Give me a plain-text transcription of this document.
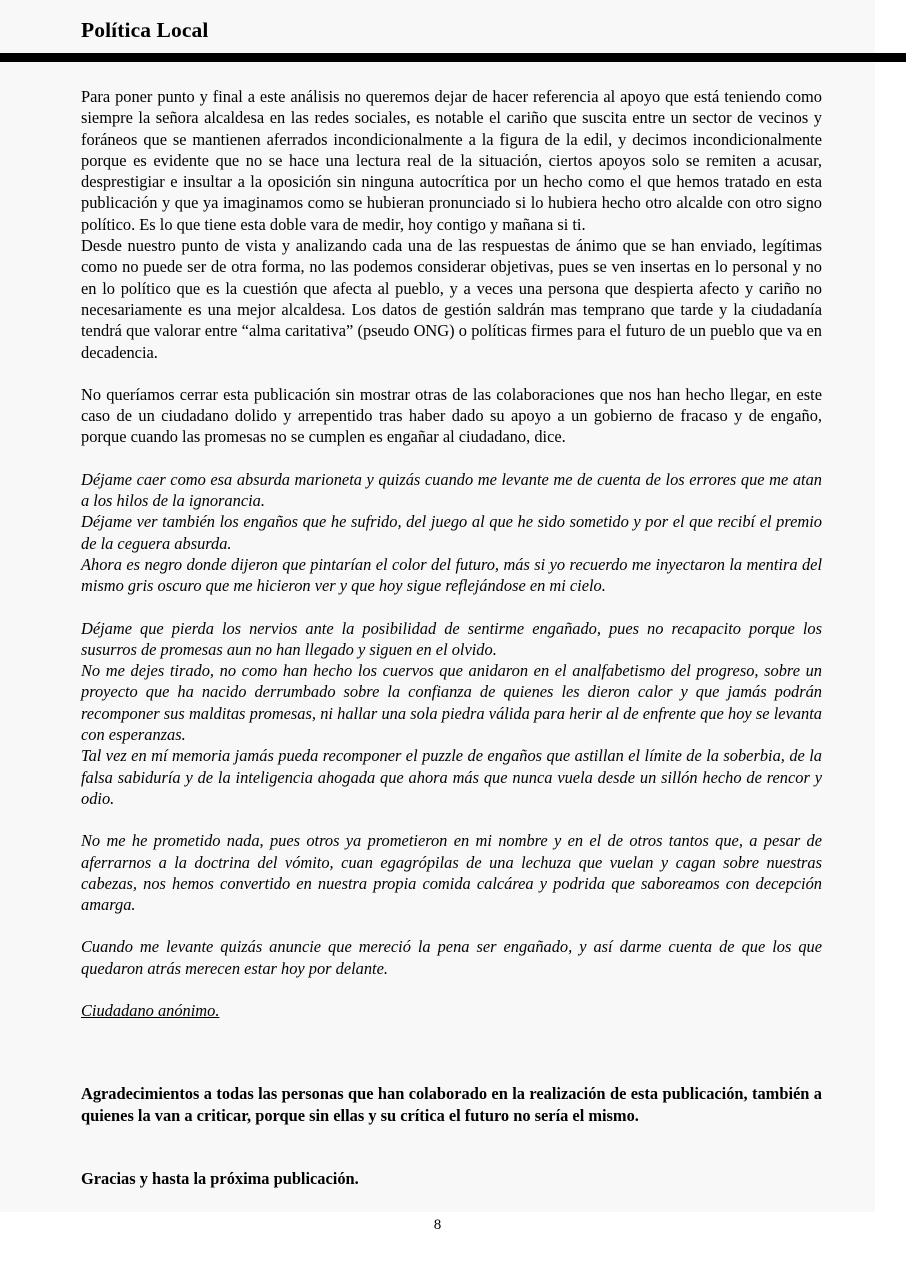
Política Local

Para poner punto y final a este análisis no queremos dejar de hacer referencia al apoyo que está teniendo como siempre la señora alcaldesa en las redes sociales, es notable el cariño que suscita entre un sector de vecinos y foráneos que se mantienen aferrados incondicionalmente a la figura de la edil, y decimos incondicionalmente porque es evidente que no se hace una lectura real de la situación, ciertos apoyos solo se remiten a acusar, desprestigiar e insultar a la oposición sin ninguna autocrítica por un hecho como el que hemos tratado en esta publicación y que ya imaginamos como se hubieran pronunciado si lo hubiera hecho otro alcalde con otro signo político. Es lo que tiene esta doble vara de medir, hoy contigo y mañana si ti.

Desde nuestro punto de vista y analizando cada una de las respuestas de ánimo que se han enviado, legítimas como no puede ser de otra forma, no las podemos considerar objetivas, pues se ven insertas en lo personal y no en lo político que es la cuestión que afecta al pueblo, y a veces una persona que despierta afecto y cariño no necesariamente es una mejor alcaldesa. Los datos de gestión saldrán mas temprano que tarde y la ciudadanía tendrá que valorar entre “alma caritativa” (pseudo ONG) o políticas firmes para el futuro de un pueblo que va en decadencia.

No queríamos cerrar esta publicación sin mostrar otras de las colaboraciones que nos han hecho llegar, en este caso de un ciudadano dolido y arrepentido tras haber dado su apoyo a un gobierno de fracaso y de engaño, porque cuando las promesas no se cumplen es engañar al ciudadano, dice.

Déjame caer como esa absurda marioneta y quizás cuando me levante me de cuenta de los errores que me atan a los hilos de la ignorancia.

Déjame ver también los engaños que he sufrido, del juego al que he sido sometido y por el que recibí el premio de la ceguera absurda.

Ahora es negro donde dijeron que pintarían el color del futuro, más si yo recuerdo me inyectaron la mentira del mismo gris oscuro que me hicieron ver y que hoy sigue reflejándose en mi cielo.

Déjame que pierda los nervios ante la posibilidad de sentirme engañado, pues no recapacito porque los susurros de promesas aun no han llegado y siguen en el olvido.

No me dejes tirado, no como han hecho los cuervos que anidaron en el analfabetismo del progreso, sobre un proyecto que ha nacido derrumbado sobre la confianza de quienes les dieron calor y que jamás podrán recomponer sus malditas promesas, ni hallar una sola piedra válida para herir al de enfrente que hoy se levanta con esperanzas.

Tal vez en mí memoria jamás pueda recomponer el puzzle de engaños que astillan el límite de la soberbia, de la falsa sabiduría y de la inteligencia ahogada que ahora más que nunca vuela desde un sillón hecho de rencor y odio.

No me he prometido nada, pues otros ya prometieron en mi nombre y en el de otros tantos que, a pesar de aferrarnos a la doctrina del vómito, cuan egagrópilas de una lechuza que vuelan y cagan sobre nuestras cabezas, nos hemos convertido en nuestra propia comida calcárea y podrida que saboreamos con decepción amarga.

Cuando me levante quizás anuncie que mereció la pena ser engañado, y así darme cuenta de que los que quedaron atrás merecen estar hoy por delante.

Ciudadano anónimo.

Agradecimientos a todas las personas que han colaborado en la realización de esta publicación, también a quienes la van a criticar, porque sin ellas y su crítica el futuro no sería el mismo.

Gracias y hasta la próxima publicación.

8
